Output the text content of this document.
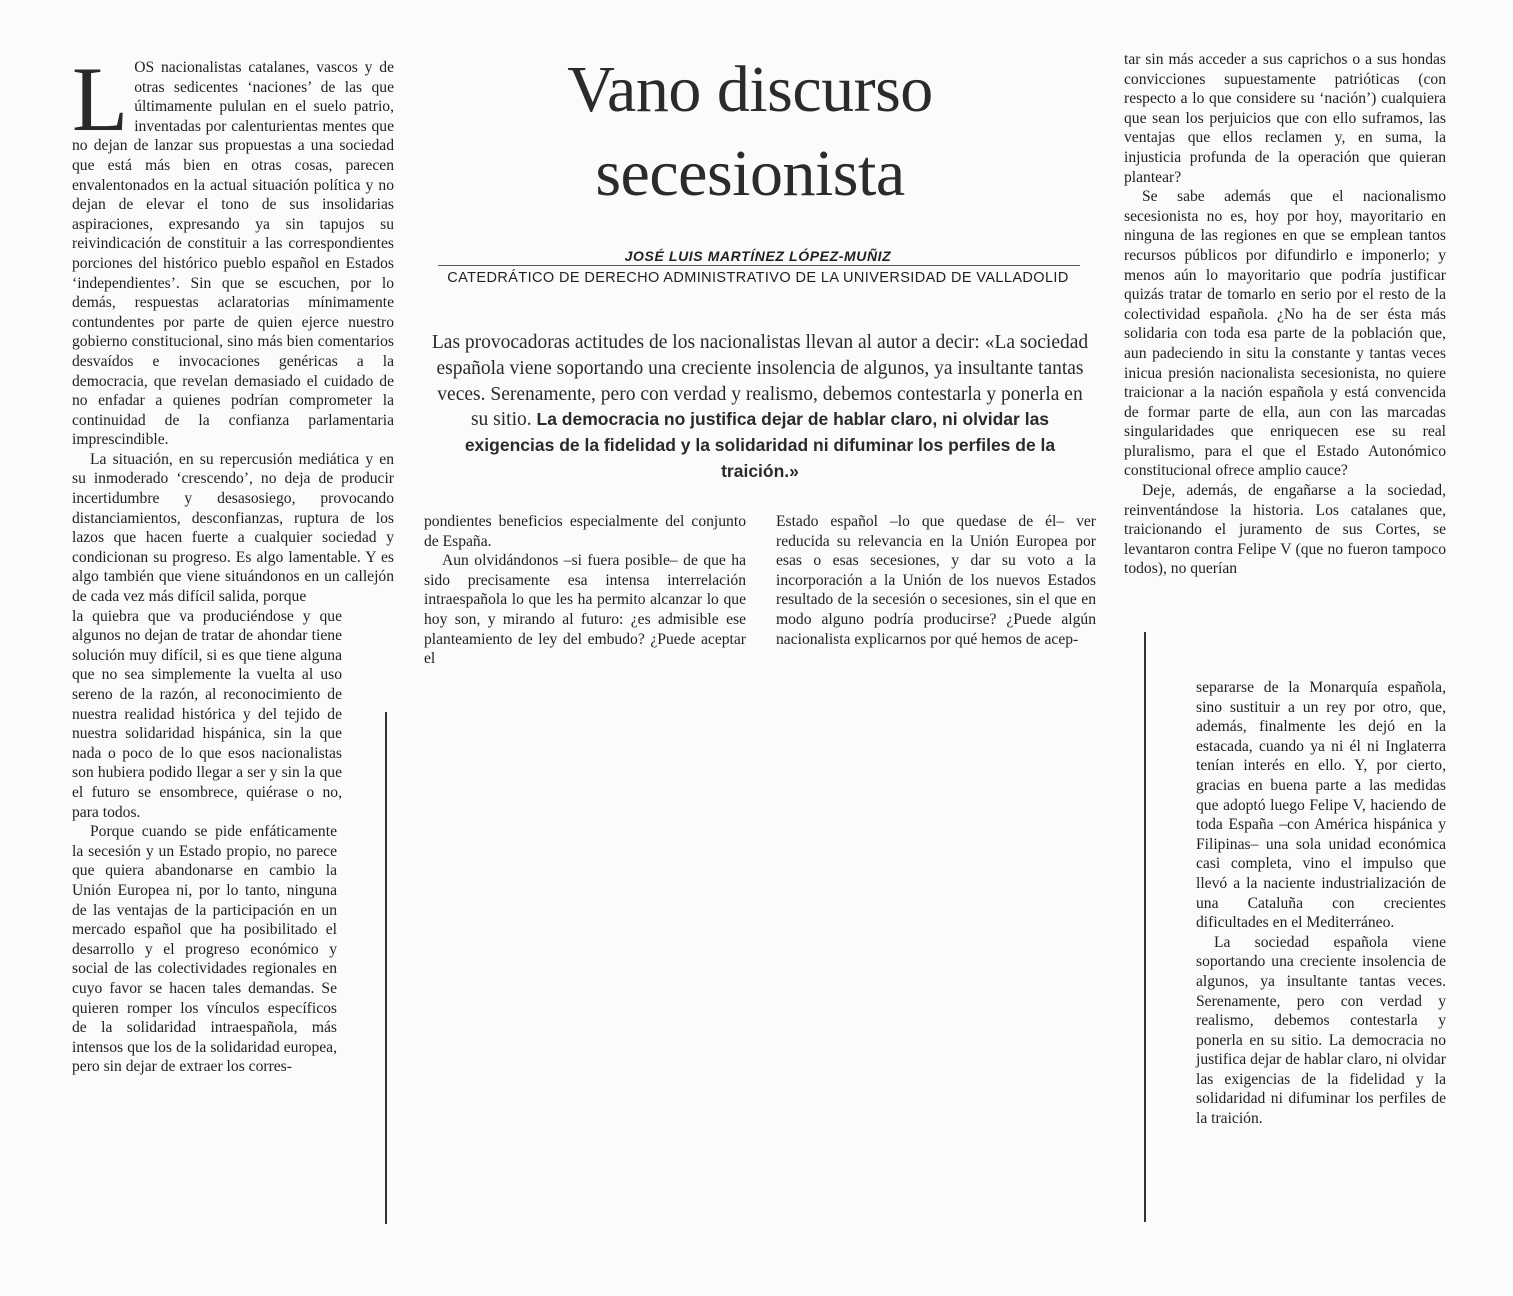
L OS nacionalistas catalanes, vascos y de otras sedicentes ‘naciones’ de las que últimamente pululan en el suelo patrio, inventadas por calenturientas mentes que no dejan de lanzar sus propuestas a una sociedad que está más bien en otras cosas, parecen envalentonados en la actual situación política y no dejan de elevar el tono de sus insolidarias aspiraciones, expresando ya sin tapujos su reivindicación de constituir a las correspondientes porciones del histórico pueblo español en Estados ‘independientes’. Sin que se escuchen, por lo demás, respuestas aclaratorias mínimamente contundentes por parte de quien ejerce nuestro gobierno constitucional, sino más bien comentarios desvaídos e invocaciones genéricas a la democracia, que revelan demasiado el cuidado de no enfadar a quienes podrían comprometer la continuidad de la confianza parlamentaria imprescindible.

La situación, en su repercusión mediática y en su inmoderado ‘crescendo’, no deja de producir incertidumbre y desasosiego, provocando distanciamientos, desconfianzas, ruptura de los lazos que hacen fuerte a cualquier sociedad y condicionan su progreso. Es algo lamentable. Y es algo también que viene situándonos en un callejón de cada vez más difícil salida, porque

la quiebra que va produciéndose y que algunos no dejan de tratar de ahondar tiene solución muy difícil, si es que tiene alguna que no sea simplemente la vuelta al uso sereno de la razón, al reconocimiento de nuestra realidad histórica y del tejido de nuestra solidaridad hispánica, sin la que nada o poco de lo que esos nacionalistas son hubiera podido llegar a ser y sin la que el futuro se ensombrece, quiérase o no, para todos.

Porque cuando se pide enfáticamente la secesión y un Estado propio, no parece que quiera abandonarse en cambio la Unión Europea ni, por lo tanto, ninguna de las ventajas de la participación en un mercado español que ha posibilitado el desarrollo y el progreso económico y social de las colectividades regionales en cuyo favor se hacen tales demandas. Se quieren romper los vínculos específicos de la solidaridad intraespañola, más intensos que los de la solidaridad europea, pero sin dejar de extraer los corres-

Vano discurso
secesionista
JOSÉ LUIS MARTÍNEZ LÓPEZ-MUÑIZ
CATEDRÁTICO DE DERECHO ADMINISTRATIVO DE LA UNIVERSIDAD DE VALLADOLID
Las provocadoras actitudes de los nacionalistas llevan al autor a decir: «La sociedad española viene soportando una creciente insolencia de algunos, ya insultante tantas veces. Serenamente, pero con verdad y realismo, debemos contestarla y ponerla en su sitio. La democracia no justifica dejar de hablar claro, ni olvidar las exigencias de la fidelidad y la solidaridad ni difuminar los perfiles de la traición.»

pondientes beneficios especialmente del conjunto de España.

Aun olvidándonos –si fuera posible– de que ha sido precisamente esa intensa interrelación intraespañola lo que les ha permito alcanzar lo que hoy son, y mirando al futuro: ¿es admisible ese planteamiento de ley del embudo? ¿Puede aceptar el

Estado español –lo que quedase de él– ver reducida su relevancia en la Unión Europea por esas o esas secesiones, y dar su voto a la incorporación a la Unión de los nuevos Estados resultado de la secesión o secesiones, sin el que en modo alguno podría producirse? ¿Puede algún nacionalista explicarnos por qué hemos de acep-

tar sin más acceder a sus caprichos o a sus hondas convicciones supuestamente patrióticas (con respecto a lo que considere su ‘nación’) cualquiera que sean los perjuicios que con ello suframos, las ventajas que ellos reclamen y, en suma, la injusticia profunda de la operación que quieran plantear?

Se sabe además que el nacionalismo secesionista no es, hoy por hoy, mayoritario en ninguna de las regiones en que se emplean tantos recursos públicos por difundirlo e imponerlo; y menos aún lo mayoritario que podría justificar quizás tratar de tomarlo en serio por el resto de la colectividad española. ¿No ha de ser ésta más solidaria con toda esa parte de la población que, aun padeciendo in situ la constante y tantas veces inicua presión nacionalista secesionista, no quiere traicionar a la nación española y está convencida de formar parte de ella, aun con las marcadas singularidades que enriquecen ese su real pluralismo, para el que el Estado Autonómico constitucional ofrece amplio cauce?

Deje, además, de engañarse a la sociedad, reinventándose la historia. Los catalanes que, traicionando el juramento de sus Cortes, se levantaron contra Felipe V (que no fueron tampoco todos), no querían

separarse de la Monarquía española, sino sustituir a un rey por otro, que, además, finalmente les dejó en la estacada, cuando ya ni él ni Inglaterra tenían interés en ello. Y, por cierto, gracias en buena parte a las medidas que adoptó luego Felipe V, haciendo de toda España –con América hispánica y Filipinas– una sola unidad económica casi completa, vino el impulso que llevó a la naciente industrialización de una Cataluña con crecientes dificultades en el Mediterráneo.

La sociedad española viene soportando una creciente insolencia de algunos, ya insultante tantas veces. Serenamente, pero con verdad y realismo, debemos contestarla y ponerla en su sitio. La democracia no justifica dejar de hablar claro, ni olvidar las exigencias de la fidelidad y la solidaridad ni difuminar los perfiles de la traición.
